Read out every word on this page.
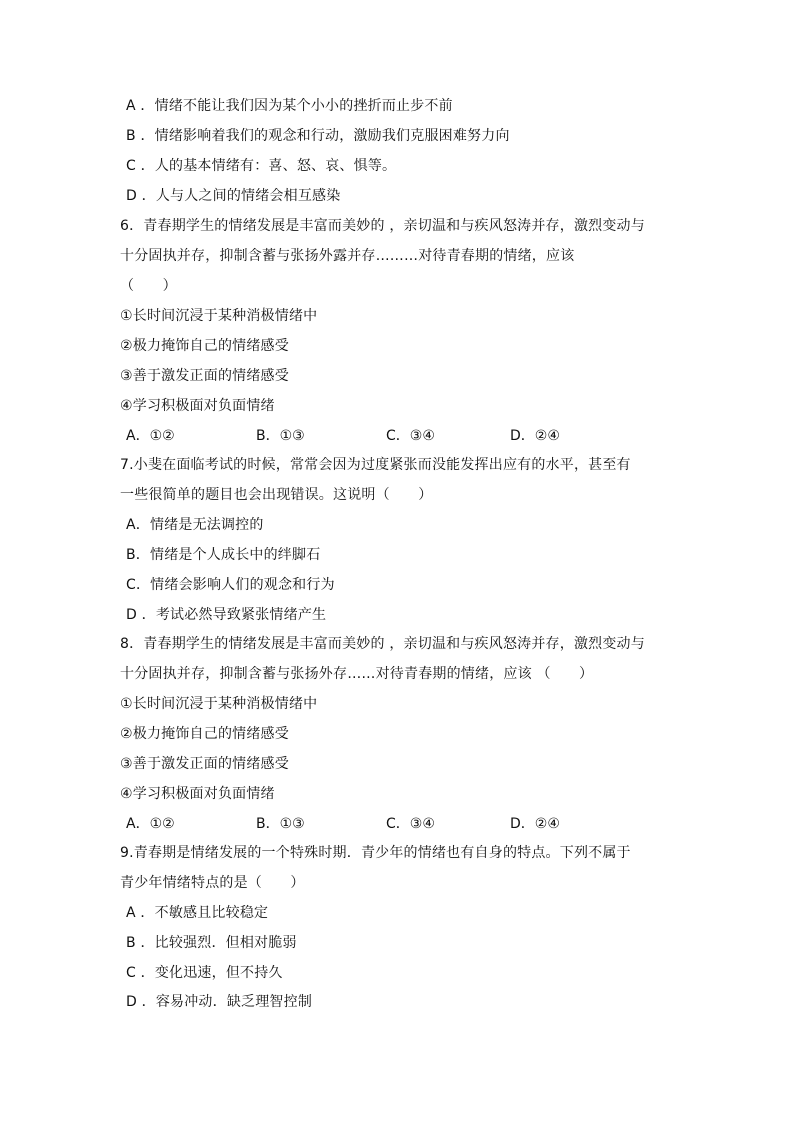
A ．情绪不能让我们因为某个小小的挫折而止步不前
B ．情绪影响着我们的观念和行动，激励我们克服困难努力向
C ．人的基本情绪有：喜、怒、哀、惧等。
D ．人与人之间的情绪会相互感染
6．青春期学生的情绪发展是丰富而美妙的 ，亲切温和与疾风怒涛并存，激烈变动与
十分固执并存，抑制含蓄与张扬外露并存………对待青春期的情绪，应该
（　　）
①长时间沉浸于某种消极情绪中
②极力掩饰自己的情绪感受
③善于激发正面的情绪感受
④学习积极面对负面情绪
A．①②	B．①③	C．③④	D．②④
7.小斐在面临考试的时候，常常会因为过度紧张而没能发挥出应有的水平，甚至有
一些很简单的题目也会出现错误。这说明（　　）
A．情绪是无法调控的
B．情绪是个人成长中的绊脚石
C．情绪会影响人们的观念和行为
D ．考试必然导致紧张情绪产生
8．青春期学生的情绪发展是丰富而美妙的 ，亲切温和与疾风怒涛并存，激烈变动与
十分固执并存，抑制含蓄与张扬外存……对待青春期的情绪，应该 （　　）
①长时间沉浸于某种消极情绪中
②极力掩饰自己的情绪感受
③善于激发正面的情绪感受
④学习积极面对负面情绪
A．①②	B．①③	C．③④	D．②④
9.青春期是情绪发展的一个特殊时期．青少年的情绪也有自身的特点。下列不属于
青少年情绪特点的是（　　）
A ．不敏感且比较稳定
B ．比较强烈．但相对脆弱
C ．变化迅速，但不持久
D ．容易冲动．缺乏理智控制
